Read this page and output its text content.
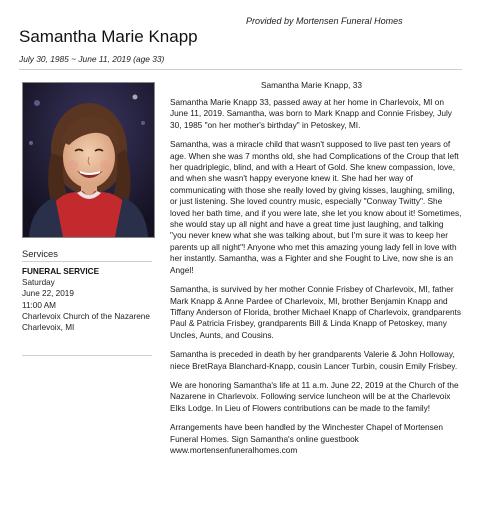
Provided by Mortensen Funeral Homes
Samantha Marie Knapp
July 30, 1985 ~ June 11, 2019 (age 33)
Services
FUNERAL SERVICE
Saturday
June 22, 2019
11:00 AM
Charlevoix Church of the Nazarene
Charlevoix, MI
Samantha Marie Knapp, 33

Samantha Marie Knapp 33, passed away at her home in Charlevoix, MI on June 11, 2019. Samantha, was born to Mark Knapp and Connie Frisbey, July 30, 1985 "on her mother's birthday" in Petoskey, MI.

Samantha, was a miracle child that wasn't supposed to live past ten years of age. When she was 7 months old, she had Complications of the Croup that left her quadriplegic, blind, and with a Heart of Gold. She knew compassion, love, and when she wasn't happy everyone knew it. She had her way of communicating with those she really loved by giving kisses, laughing, smiling, or just listening. She loved country music, especially "Conway Twitty". She loved her bath time, and if you were late, she let you know about it! Sometimes, she would stay up all night and have a great time just laughing, and talking "you never knew what she was talking about, but I'm sure it was to keep her parents up all night"! Anyone who met this amazing young lady fell in love with her instantly. Samantha, was a Fighter and she Fought to Live, now she is an Angel!

Samantha, is survived by her mother Connie Frisbey of Charlevoix, MI, father Mark Knapp & Anne Pardee of Charlevoix, MI, brother Benjamin Knapp and Tiffany Anderson of Florida, brother Michael Knapp of Charlevoix, grandparents Paul & Patricia Frisbey, grandparents Bill & Linda Knapp of Petoskey, many Uncles, Aunts, and Cousins.

Samantha is preceded in death by her grandparents Valerie & John Holloway, niece BretRaya Blanchard-Knapp, cousin Lancer Turbin, cousin Emily Frisbey.

We are honoring Samantha's life at 11 a.m. June 22, 2019 at the Church of the Nazarene in Charlevoix. Following service luncheon will be at the Charlevoix Elks Lodge. In Lieu of Flowers contributions can be made to the family!

Arrangements have been handled by the Winchester Chapel of Mortensen Funeral Homes. Sign Samantha's online guestbook www.mortensenfuneralhomes.com
